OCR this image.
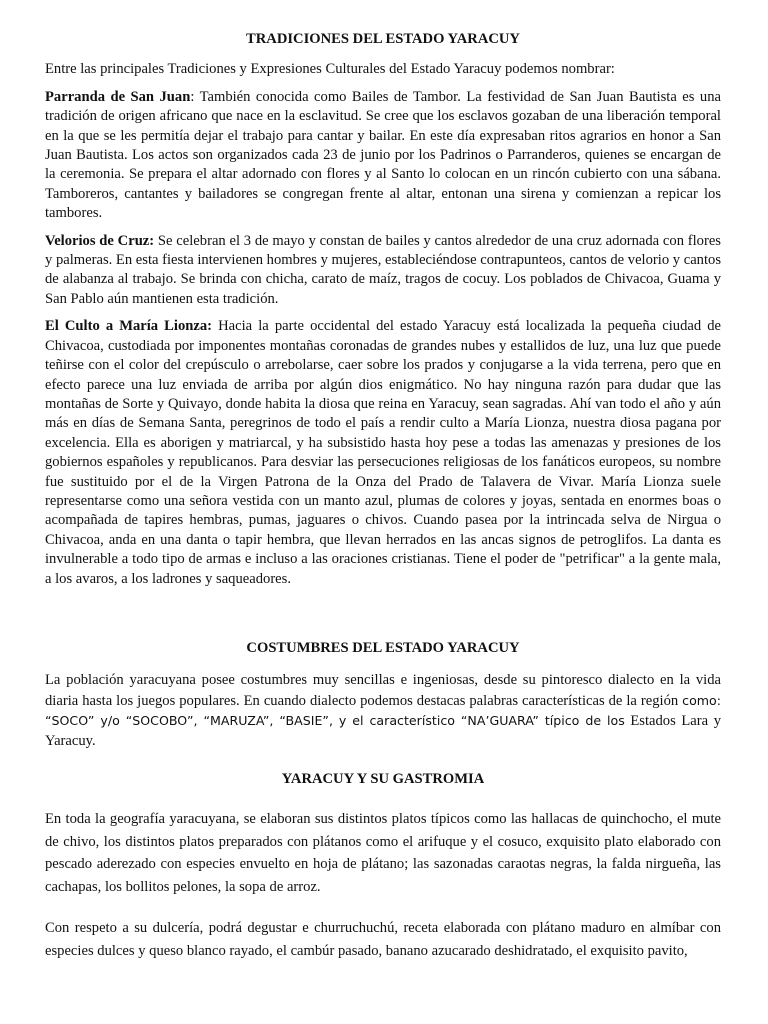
TRADICIONES DEL ESTADO YARACUY

Entre las principales Tradiciones y Expresiones Culturales del Estado Yaracuy podemos nombrar:

Parranda de San Juan: También conocida como Bailes de Tambor. La festividad de San Juan Bautista es una tradición de origen africano que nace en la esclavitud. Se cree que los esclavos gozaban de una liberación temporal en la que se les permitía dejar el trabajo para cantar y bailar. En este día expresaban ritos agrarios en honor a San Juan Bautista. Los actos son organizados cada 23 de junio por los Padrinos o Parranderos, quienes se encargan de la ceremonia. Se prepara el altar adornado con flores y al Santo lo colocan en un rincón cubierto con una sábana. Tamboreros, cantantes y bailadores se congregan frente al altar, entonan una sirena y comienzan a repicar los tambores.

Velorios de Cruz: Se celebran el 3 de mayo y constan de bailes y cantos alrededor de una cruz adornada con flores y palmeras. En esta fiesta intervienen hombres y mujeres, estableciéndose contrapunteos, cantos de velorio y cantos de alabanza al trabajo. Se brinda con chicha, carato de maíz, tragos de cocuy. Los poblados de Chivacoa, Guama y San Pablo aún mantienen esta tradición.

El Culto a María Lionza: Hacia la parte occidental del estado Yaracuy está localizada la pequeña ciudad de Chivacoa, custodiada por imponentes montañas coronadas de grandes nubes y estallidos de luz, una luz que puede teñirse con el color del crepúsculo o arrebolarse, caer sobre los prados y conjugarse a la vida terrena, pero que en efecto parece una luz enviada de arriba por algún dios enigmático. No hay ninguna razón para dudar que las montañas de Sorte y Quivayo, donde habita la diosa que reina en Yaracuy, sean sagradas. Ahí van todo el año y aún más en días de Semana Santa, peregrinos de todo el país a rendir culto a María Lionza, nuestra diosa pagana por excelencia. Ella es aborigen y matriarcal, y ha subsistido hasta hoy pese a todas las amenazas y presiones de los gobiernos españoles y republicanos. Para desviar las persecuciones religiosas de los fanáticos europeos, su nombre fue sustituido por el de la Virgen Patrona de la Onza del Prado de Talavera de Vivar. María Lionza suele representarse como una señora vestida con un manto azul, plumas de colores y joyas, sentada en enormes boas o acompañada de tapires hembras, pumas, jaguares o chivos. Cuando pasea por la intrincada selva de Nirgua o Chivacoa, anda en una danta o tapir hembra, que llevan herrados en las ancas signos de petroglifos. La danta es invulnerable a todo tipo de armas e incluso a las oraciones cristianas. Tiene el poder de "petrificar" a la gente mala, a los avaros, a los ladrones y saqueadores.

COSTUMBRES DEL ESTADO YARACUY

La población yaracuyana posee costumbres muy sencillas e ingeniosas, desde su pintoresco dialecto en la vida diaria hasta los juegos populares. En cuando dialecto podemos destacas palabras características de la región como: “SOCO” y/o “SOCOBO”, “MARUZA”, “BASIE”, y el característico “NA’GUARA” típico de los Estados Lara y Yaracuy.

YARACUY Y SU GASTROMIA

En toda la geografía yaracuyana, se elaboran sus distintos platos típicos como las hallacas de quinchocho, el mute de chivo, los distintos platos preparados con plátanos como el arifuque y el cosuco, exquisito plato elaborado con pescado aderezado con especies envuelto en hoja de plátano; las sazonadas caraotas negras, la falda nirgueña, las cachapas, los bollitos pelones, la sopa de arroz.

Con respeto a su dulcería, podrá degustar e churruchuchú, receta elaborada con plátano maduro en almíbar con especies dulces y queso blanco rayado, el cambúr pasado, banano azucarado deshidratado, el exquisito pavito,
